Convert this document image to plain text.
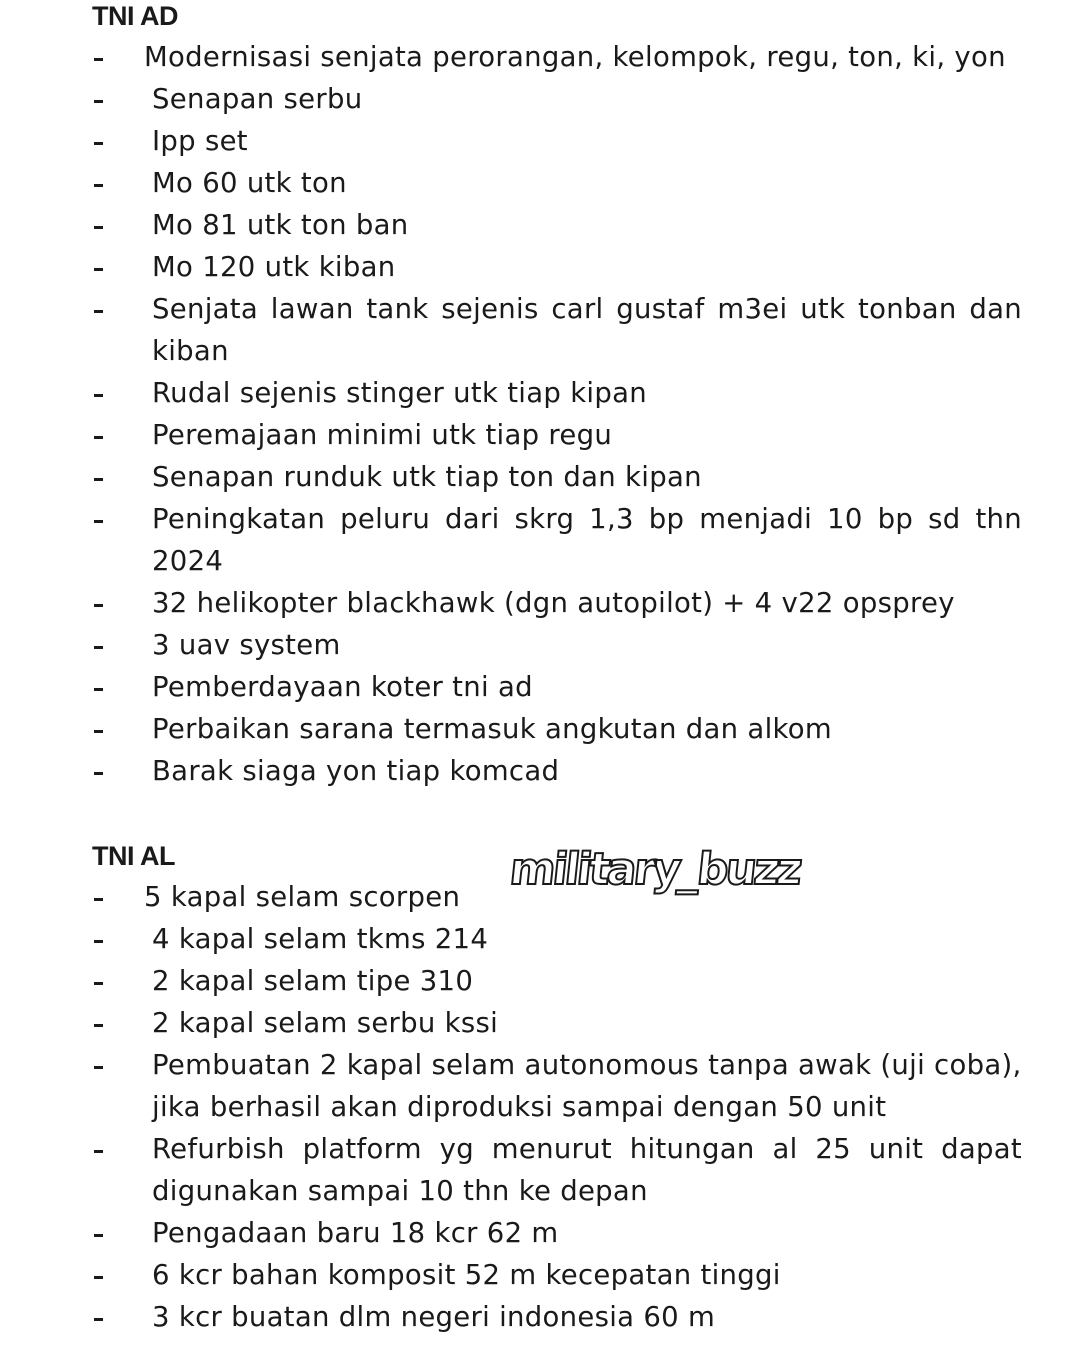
TNI AD
Modernisasi senjata perorangan, kelompok, regu, ton, ki, yon
Senapan serbu
Ipp set
Mo 60 utk ton
Mo 81 utk ton ban
Mo 120 utk kiban
Senjata lawan tank sejenis carl gustaf m3ei utk tonban dan kiban
Rudal sejenis stinger utk tiap kipan
Peremajaan minimi utk tiap regu
Senapan runduk utk tiap ton dan kipan
Peningkatan peluru dari skrg 1,3 bp menjadi 10 bp sd thn 2024
32 helikopter blackhawk (dgn autopilot) + 4 v22 opsprey
3 uav system
Pemberdayaan koter tni ad
Perbaikan sarana termasuk angkutan dan alkom
Barak siaga yon tiap komcad
TNI AL
5 kapal selam scorpen
4 kapal selam tkms 214
2 kapal selam tipe 310
2 kapal selam serbu kssi
Pembuatan 2 kapal selam autonomous tanpa awak (uji coba), jika berhasil akan diproduksi sampai dengan 50 unit
Refurbish platform yg menurut hitungan al 25 unit dapat digunakan sampai 10 thn ke depan
Pengadaan baru 18 kcr 62 m
6 kcr bahan komposit 52 m kecepatan tinggi
3 kcr buatan dlm negeri indonesia 60 m
military_buzz
